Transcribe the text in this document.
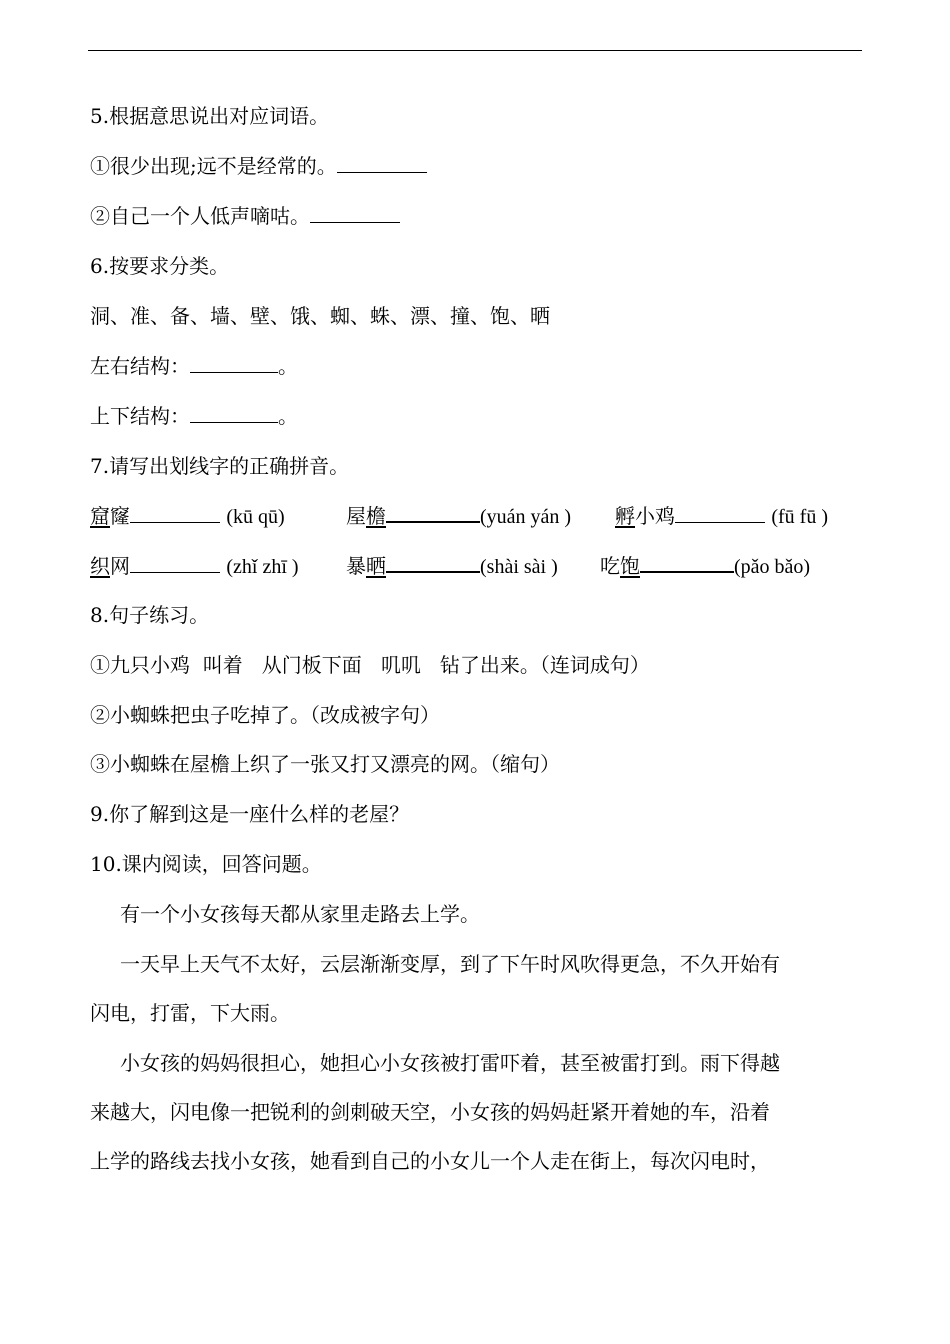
5.根据意思说出对应词语。
①很少出现;远不是经常的。
②自己一个人低声嘀咕。
6.按要求分类。
洞、准、备、墙、壁、饿、蜘、蛛、漂、撞、饱、晒
左右结构：	。
上下结构：	。
7.请写出划线字的正确拼音。
窟窿	(kū qū)	屋檐	(yuán yán ) 孵小鸡	(fū fū )
织网	(zhǐ zhī ) 暴晒	(shài sài ) 吃饱	(pǎo bǎo)
8.句子练习。
①九只小鸡  叫着   从门板下面   叽叽   钻了出来。（连词成句）
②小蜘蛛把虫子吃掉了。（改成被字句）
③小蜘蛛在屋檐上织了一张又打又漂亮的网。（缩句）
9.你了解到这是一座什么样的老屋？
10.课内阅读，回答问题。
有一个小女孩每天都从家里走路去上学。
一天早上天气不太好，云层渐渐变厚，到了下午时风吹得更急，不久开始有
闪电，打雷，下大雨。
小女孩的妈妈很担心，她担心小女孩被打雷吓着，甚至被雷打到。雨下得越
来越大，闪电像一把锐利的剑刺破天空，小女孩的妈妈赶紧开着她的车，沿着
上学的路线去找小女孩，她看到自己的小女儿一个人走在街上，每次闪电时，
